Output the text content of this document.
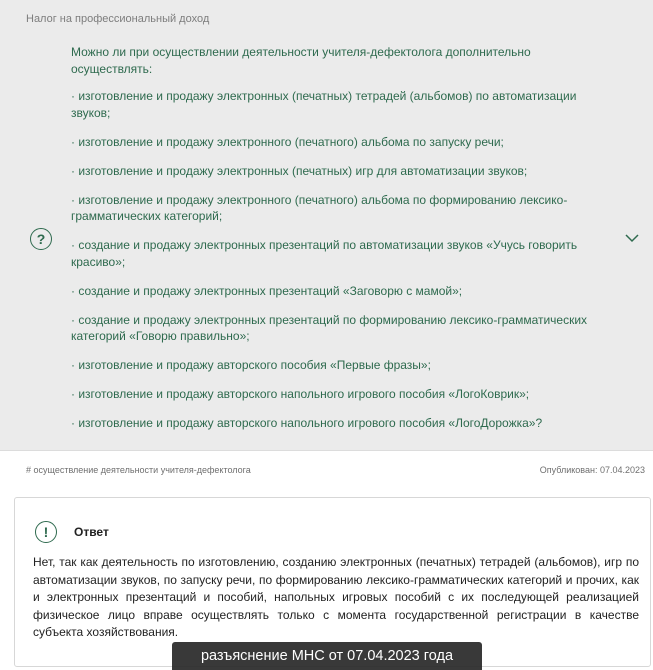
Налог на профессиональный доход
?

Можно ли при осуществлении деятельности учителя-дефектолога дополнительно осуществлять:

· изготовление и продажу электронных (печатных) тетрадей (альбомов) по автоматизации звуков;

· изготовление и продажу электронного (печатного) альбома по запуску речи;

· изготовление и продажу электронных (печатных) игр для автоматизации звуков;

· изготовление и продажу электронного (печатного) альбома по формированию лексико-грамматических категорий;

· создание и продажу электронных презентаций по автоматизации звуков «Учусь говорить красиво»;

· создание и продажу электронных презентаций «Заговорю с мамой»;

· создание и продажу электронных презентаций по формированию лексико-грамматических категорий «Говорю правильно»;

· изготовление и продажу авторского пособия «Первые фразы»;

· изготовление и продажу авторского напольного игрового пособия «ЛогоКоврик»;

· изготовление и продажу авторского напольного игрового пособия «ЛогоДорожка»?

# осуществление деятельности учителя-дефектолога	Опубликован: 07.04.2023
!	Ответ

Нет, так как деятельность по изготовлению, созданию электронных (печатных) тетрадей (альбомов), игр по автоматизации звуков, по запуску речи, по формированию лексико-грамматических категорий и прочих, как и электронных презентаций и пособий, напольных игровых пособий с их последующей реализацией физическое лицо вправе осуществлять только с момента государственной регистрации в качестве субъекта хозяйствования.

разъяснение МНС от 07.04.2023 года
